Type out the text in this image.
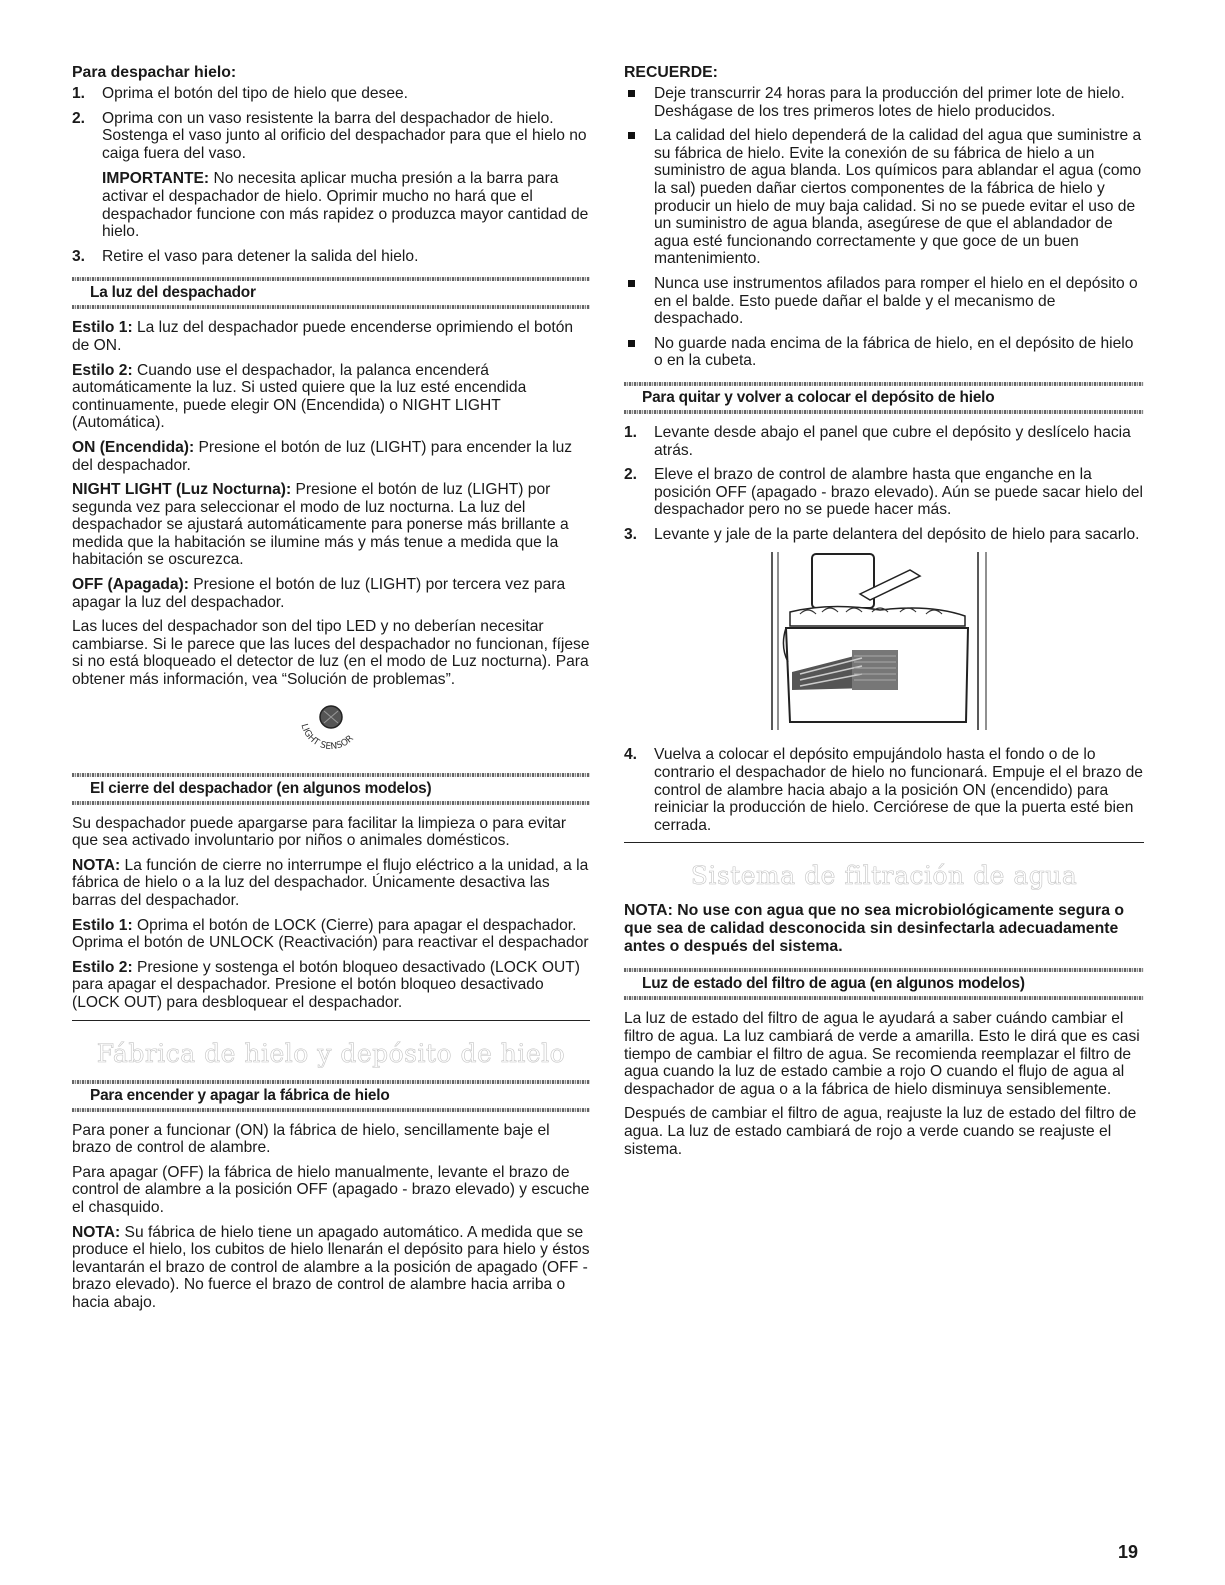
Para despachar hielo:
1. Oprima el botón del tipo de hielo que desee.
2. Oprima con un vaso resistente la barra del despachador de hielo. Sostenga el vaso junto al orificio del despachador para que el hielo no caiga fuera del vaso.

IMPORTANTE: No necesita aplicar mucha presión a la barra para activar el despachador de hielo. Oprimir mucho no hará que el despachador funcione con más rapidez o produzca mayor cantidad de hielo.

3. Retire el vaso para detener la salida del hielo.
La luz del despachador

Estilo 1: La luz del despachador puede encenderse oprimiendo el botón de ON.

Estilo 2: Cuando use el despachador, la palanca encenderá automáticamente la luz. Si usted quiere que la luz esté encendida continuamente, puede elegir ON (Encendida) o NIGHT LIGHT (Automática).

ON (Encendida): Presione el botón de luz (LIGHT) para encender la luz del despachador.

NIGHT LIGHT (Luz Nocturna): Presione el botón de luz (LIGHT) por segunda vez para seleccionar el modo de luz nocturna. La luz del despachador se ajustará automáticamente para ponerse más brillante a medida que la habitación se ilumine más y más tenue a medida que la habitación se oscurezca.

OFF (Apagada): Presione el botón de luz (LIGHT) por tercera vez para apagar la luz del despachador.

Las luces del despachador son del tipo LED y no deberían necesitar cambiarse. Si le parece que las luces del despachador no funcionan, fíjese si no está bloqueado el detector de luz (en el modo de Luz nocturna). Para obtener más información, vea “Solución de problemas”.

LIGHT SENSOR
El cierre del despachador (en algunos modelos)

Su despachador puede apargarse para facilitar la limpieza o para evitar que sea activado involuntario por niños o animales domésticos.

NOTA: La función de cierre no interrumpe el flujo eléctrico a la unidad, a la fábrica de hielo o a la luz del despachador. Únicamente desactiva las barras del despachador.

Estilo 1: Oprima el botón de LOCK (Cierre) para apagar el despachador. Oprima el botón de UNLOCK (Reactivación) para reactivar el despachador

Estilo 2: Presione y sostenga el botón bloqueo desactivado (LOCK OUT) para apagar el despachador. Presione el botón bloqueo desactivado (LOCK OUT) para desbloquear el despachador.

Fábrica de hielo y depósito de hielo
Para encender y apagar la fábrica de hielo

Para poner a funcionar (ON) la fábrica de hielo, sencillamente baje el brazo de control de alambre.

Para apagar (OFF) la fábrica de hielo manualmente, levante el brazo de control de alambre a la posición OFF (apagado - brazo elevado) y escuche el chasquido.

NOTA: Su fábrica de hielo tiene un apagado automático. A medida que se produce el hielo, los cubitos de hielo llenarán el depósito para hielo y éstos levantarán el brazo de control de alambre a la posición de apagado (OFF - brazo elevado). No fuerce el brazo de control de alambre hacia arriba o hacia abajo.

RECUERDE:
Deje transcurrir 24 horas para la producción del primer lote de hielo. Deshágase de los tres primeros lotes de hielo producidos.
La calidad del hielo dependerá de la calidad del agua que suministre a su fábrica de hielo. Evite la conexión de su fábrica de hielo a un suministro de agua blanda. Los químicos para ablandar el agua (como la sal) pueden dañar ciertos componentes de la fábrica de hielo y producir un hielo de muy baja calidad. Si no se puede evitar el uso de un suministro de agua blanda, asegúrese de que el ablandador de agua esté funcionando correctamente y que goce de un buen mantenimiento.
Nunca use instrumentos afilados para romper el hielo en el depósito o en el balde. Esto puede dañar el balde y el mecanismo de despachado.
No guarde nada encima de la fábrica de hielo, en el depósito de hielo o en la cubeta.
Para quitar y volver a colocar el depósito de hielo
1. Levante desde abajo el panel que cubre el depósito y deslícelo hacia atrás.
2. Eleve el brazo de control de alambre hasta que enganche en la posición OFF (apagado - brazo elevado). Aún se puede sacar hielo del despachador pero no se puede hacer más.
3. Levante y jale de la parte delantera del depósito de hielo para sacarlo.
4. Vuelva a colocar el depósito empujándolo hasta el fondo o de lo contrario el despachador de hielo no funcionará. Empuje el el brazo de control de alambre hacia abajo a la posición ON (encendido) para reiniciar la producción de hielo. Cerciórese de que la puerta esté bien cerrada.
Sistema de filtración de agua
NOTA: No use con agua que no sea microbiológicamente segura o que sea de calidad desconocida sin desinfectarla adecuadamente antes o después del sistema.
Luz de estado del filtro de agua (en algunos modelos)

La luz de estado del filtro de agua le ayudará a saber cuándo cambiar el filtro de agua. La luz cambiará de verde a amarilla. Esto le dirá que es casi tiempo de cambiar el filtro de agua. Se recomienda reemplazar el filtro de agua cuando la luz de estado cambie a rojo O cuando el flujo de agua al despachador de agua o a la fábrica de hielo disminuya sensiblemente.

Después de cambiar el filtro de agua, reajuste la luz de estado del filtro de agua. La luz de estado cambiará de rojo a verde cuando se reajuste el sistema.

19
